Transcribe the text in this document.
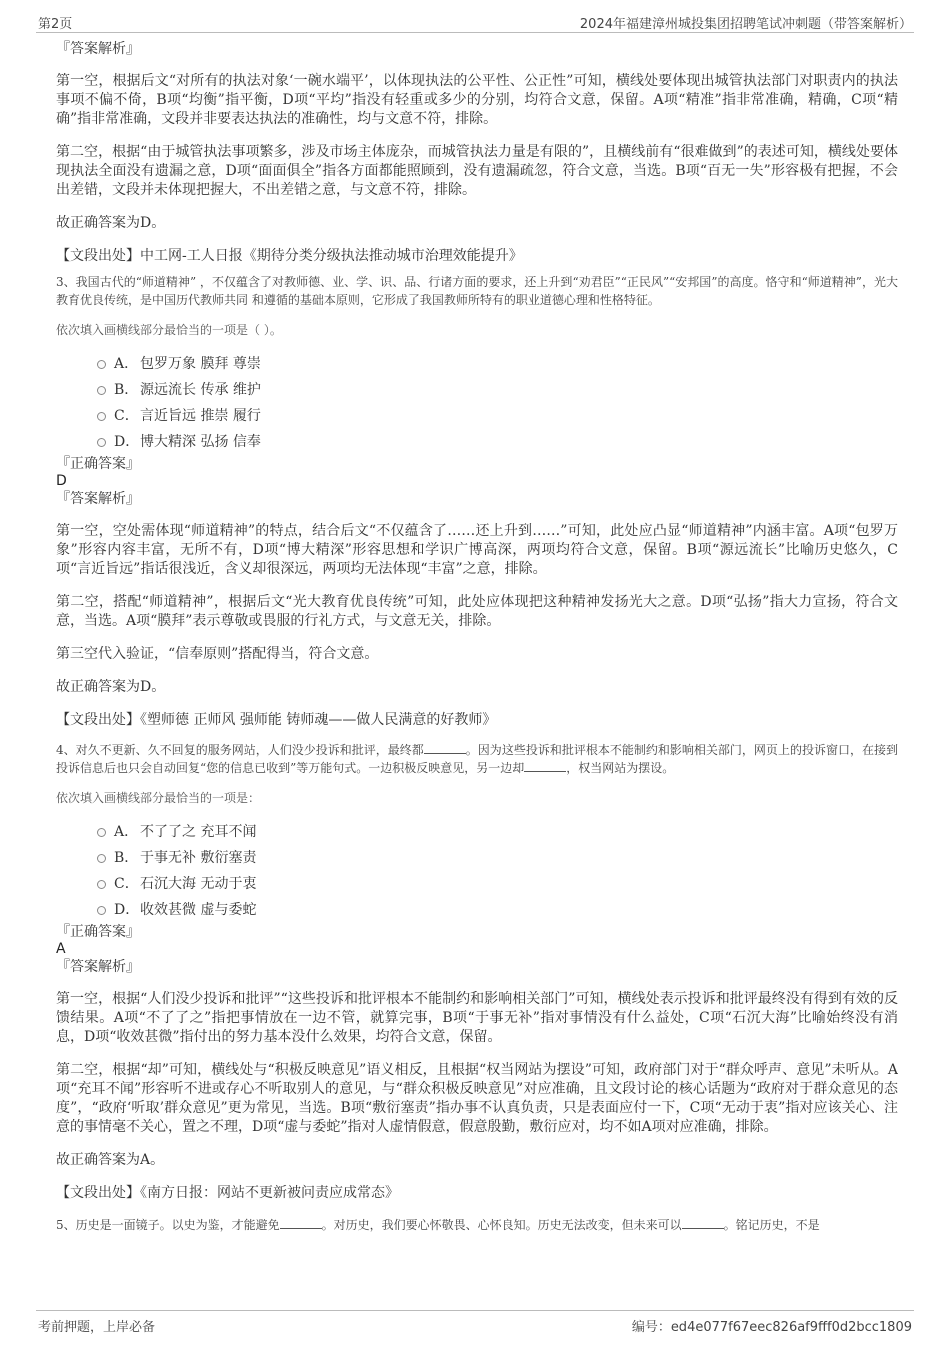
第2页	2024年福建漳州城投集团招聘笔试冲刺题（带答案解析）

『答案解析』

第一空，根据后文“对所有的执法对象‘一碗水端平’，以体现执法的公平性、公正性”可知，横线处要体现出城管执法部门对职责内的执法事项不偏不倚，B项“均衡”指平衡，D项“平均”指没有轻重或多少的分别，均符合文意，保留。A项“精准”指非常准确，精确，C项“精确”指非常准确，文段并非要表达执法的准确性，均与文意不符，排除。

第二空，根据“由于城管执法事项繁多，涉及市场主体庞杂，而城管执法力量是有限的”，且横线前有“很难做到”的表述可知，横线处要体现执法全面没有遗漏之意，D项“面面俱全”指各方面都能照顾到，没有遗漏疏忽，符合文意，当选。B项“百无一失”形容极有把握，不会出差错，文段并未体现把握大，不出差错之意，与文意不符，排除。

故正确答案为D。

【文段出处】中工网-工人日报《期待分类分级执法推动城市治理效能提升》

3、我国古代的“师道精神” ，不仅蕴含了对教师德、业、学、识、品、行诸方面的要求，还上升到“劝君臣”“正民风”“安邦国”的高度。恪守和“师道精神”，光大教育优良传统，是中国历代教师共同 和遵循的基础本原则，它形成了我国教师所特有的职业道德心理和性格特征。

依次填入画横线部分最恰当的一项是（ ）。

A． 包罗万象 膜拜 尊崇
B． 源远流长 传承 维护
C．言近旨远 推崇 履行
D．博大精深 弘扬 信奉

『正确答案』

D

『答案解析』

第一空，空处需体现“师道精神”的特点，结合后文“不仅蕴含了……还上升到……”可知，此处应凸显“师道精神”内涵丰富。A项“包罗万象”形容内容丰富，无所不有，D项“博大精深”形容思想和学识广博高深，两项均符合文意，保留。B项“源远流长”比喻历史悠久，C项“言近旨远”指话很浅近，含义却很深远，两项均无法体现“丰富”之意，排除。

第二空，搭配“师道精神”，根据后文“光大教育优良传统”可知，此处应体现把这种精神发扬光大之意。D项“弘扬”指大力宣扬，符合文意，当选。A项“膜拜”表示尊敬或畏服的行礼方式，与文意无关，排除。

第三空代入验证，“信奉原则”搭配得当，符合文意。

故正确答案为D。

【文段出处】《塑师德 正师风 强师能 铸师魂——做人民满意的好教师》

4、对久不更新、久不回复的服务网站，人们没少投诉和批评，最终都	。因为这些投诉和批评根本不能制约和影响相关部门，网页上的投诉窗口，在接到投诉信息后也只会自动回复“您的信息已收到”等万能句式。一边积极反映意见，另一边却	，权当网站为摆设。

依次填入画横线部分最恰当的一项是：

A． 不了了之 充耳不闻
B． 于事无补 敷衍塞责
C．石沉大海 无动于衷
D．收效甚微 虚与委蛇

『正确答案』

A

『答案解析』

第一空，根据“人们没少投诉和批评”“这些投诉和批评根本不能制约和影响相关部门”可知，横线处表示投诉和批评最终没有得到有效的反馈结果。A项“不了了之”指把事情放在一边不管，就算完事，B项“于事无补”指对事情没有什么益处，C项“石沉大海”比喻始终没有消息，D项“收效甚微”指付出的努力基本没什么效果，均符合文意，保留。

第二空，根据“却”可知，横线处与“积极反映意见”语义相反，且根据“权当网站为摆设”可知，政府部门对于“群众呼声、意见”未听从。A项“充耳不闻”形容听不进或存心不听取别人的意见，与“群众积极反映意见”对应准确，且文段讨论的核心话题为“政府对于群众意见的态度”，“政府‘听取’群众意见”更为常见，当选。B项“敷衍塞责”指办事不认真负责，只是表面应付一下，C项“无动于衷”指对应该关心、注意的事情毫不关心，置之不理，D项“虚与委蛇”指对人虚情假意，假意殷勤，敷衍应对，均不如A项对应准确，排除。

故正确答案为A。

【文段出处】《南方日报：网站不更新被问责应成常态》

5、历史是一面镜子。以史为鉴，才能避免	。对历史，我们要心怀敬畏、心怀良知。历史无法改变，但未来可以	。铭记历史，不是

考前押题，上岸必备	编号：ed4e077f67eec826af9fff0d2bcc1809
